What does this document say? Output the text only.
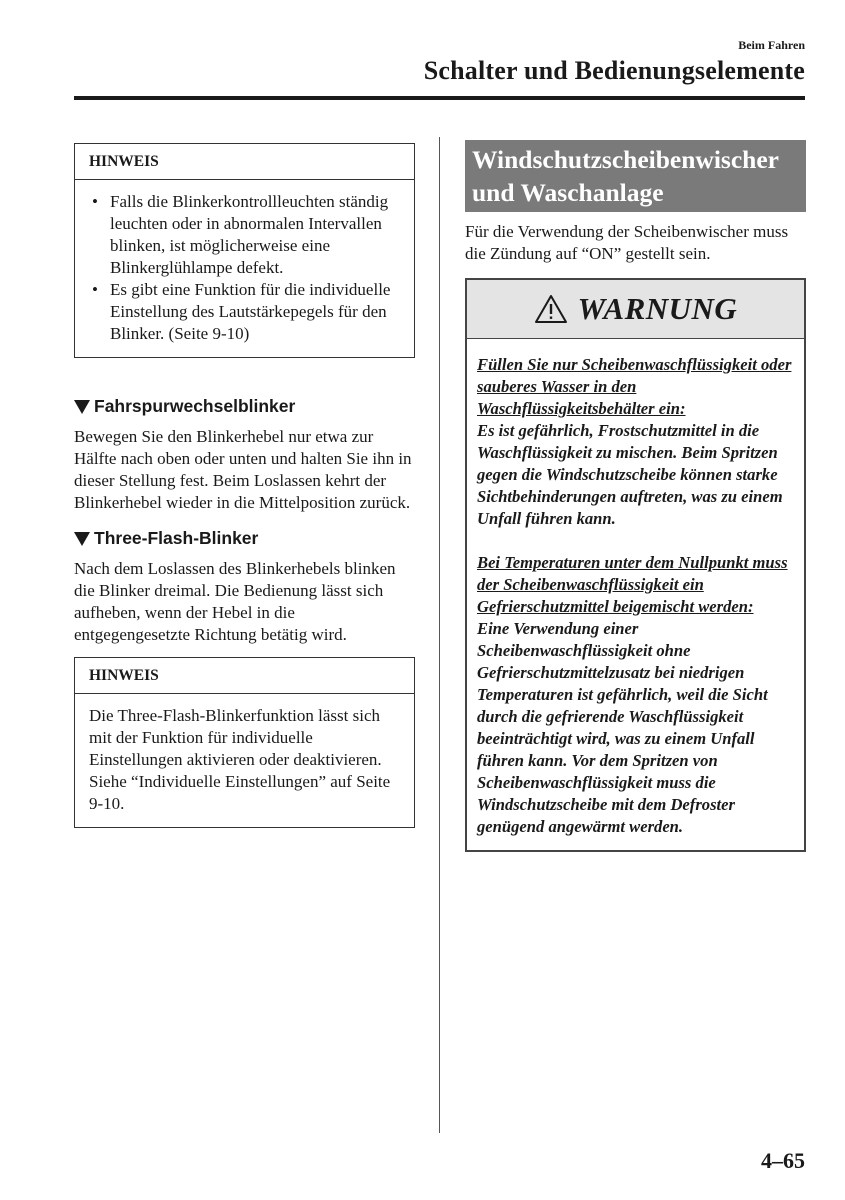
Beim Fahren
Schalter und Bedienungselemente
HINWEIS
• Falls die Blinkerkontrollleuchten ständig leuchten oder in abnormalen Intervallen blinken, ist möglicherweise eine Blinkerglühlampe defekt.
• Es gibt eine Funktion für die individuelle Einstellung des Lautstärkepegels für den Blinker. (Seite 9-10)
Fahrspurwechselblinker
Bewegen Sie den Blinkerhebel nur etwa zur Hälfte nach oben oder unten und halten Sie ihn in dieser Stellung fest. Beim Loslassen kehrt der Blinkerhebel wieder in die Mittelposition zurück.
Three-Flash-Blinker
Nach dem Loslassen des Blinkerhebels blinken die Blinker dreimal. Die Bedienung lässt sich aufheben, wenn der Hebel in die entgegengesetzte Richtung betätig wird.
HINWEIS
Die Three-Flash-Blinkerfunktion lässt sich mit der Funktion für individuelle Einstellungen aktivieren oder deaktivieren.
Siehe “Individuelle Einstellungen” auf Seite 9-10.
Windschutzscheibenwischer und Waschanlage
Für die Verwendung der Scheibenwischer muss die Zündung auf “ON” gestellt sein.
WARNUNG
Füllen Sie nur Scheibenwaschflüssigkeit oder sauberes Wasser in den Waschflüssigkeitsbehälter ein:
Es ist gefährlich, Frostschutzmittel in die Waschflüssigkeit zu mischen. Beim Spritzen gegen die Windschutzscheibe können starke Sichtbehinderungen auftreten, was zu einem Unfall führen kann.
Bei Temperaturen unter dem Nullpunkt muss der Scheibenwaschflüssigkeit ein Gefrierschutzmittel beigemischt werden:
Eine Verwendung einer Scheibenwaschflüssigkeit ohne Gefrierschutzmittelzusatz bei niedrigen Temperaturen ist gefährlich, weil die Sicht durch die gefrierende Waschflüssigkeit beeinträchtigt wird, was zu einem Unfall führen kann. Vor dem Spritzen von Scheibenwaschflüssigkeit muss die Windschutzscheibe mit dem Defroster genügend angewärmt werden.
4–65
